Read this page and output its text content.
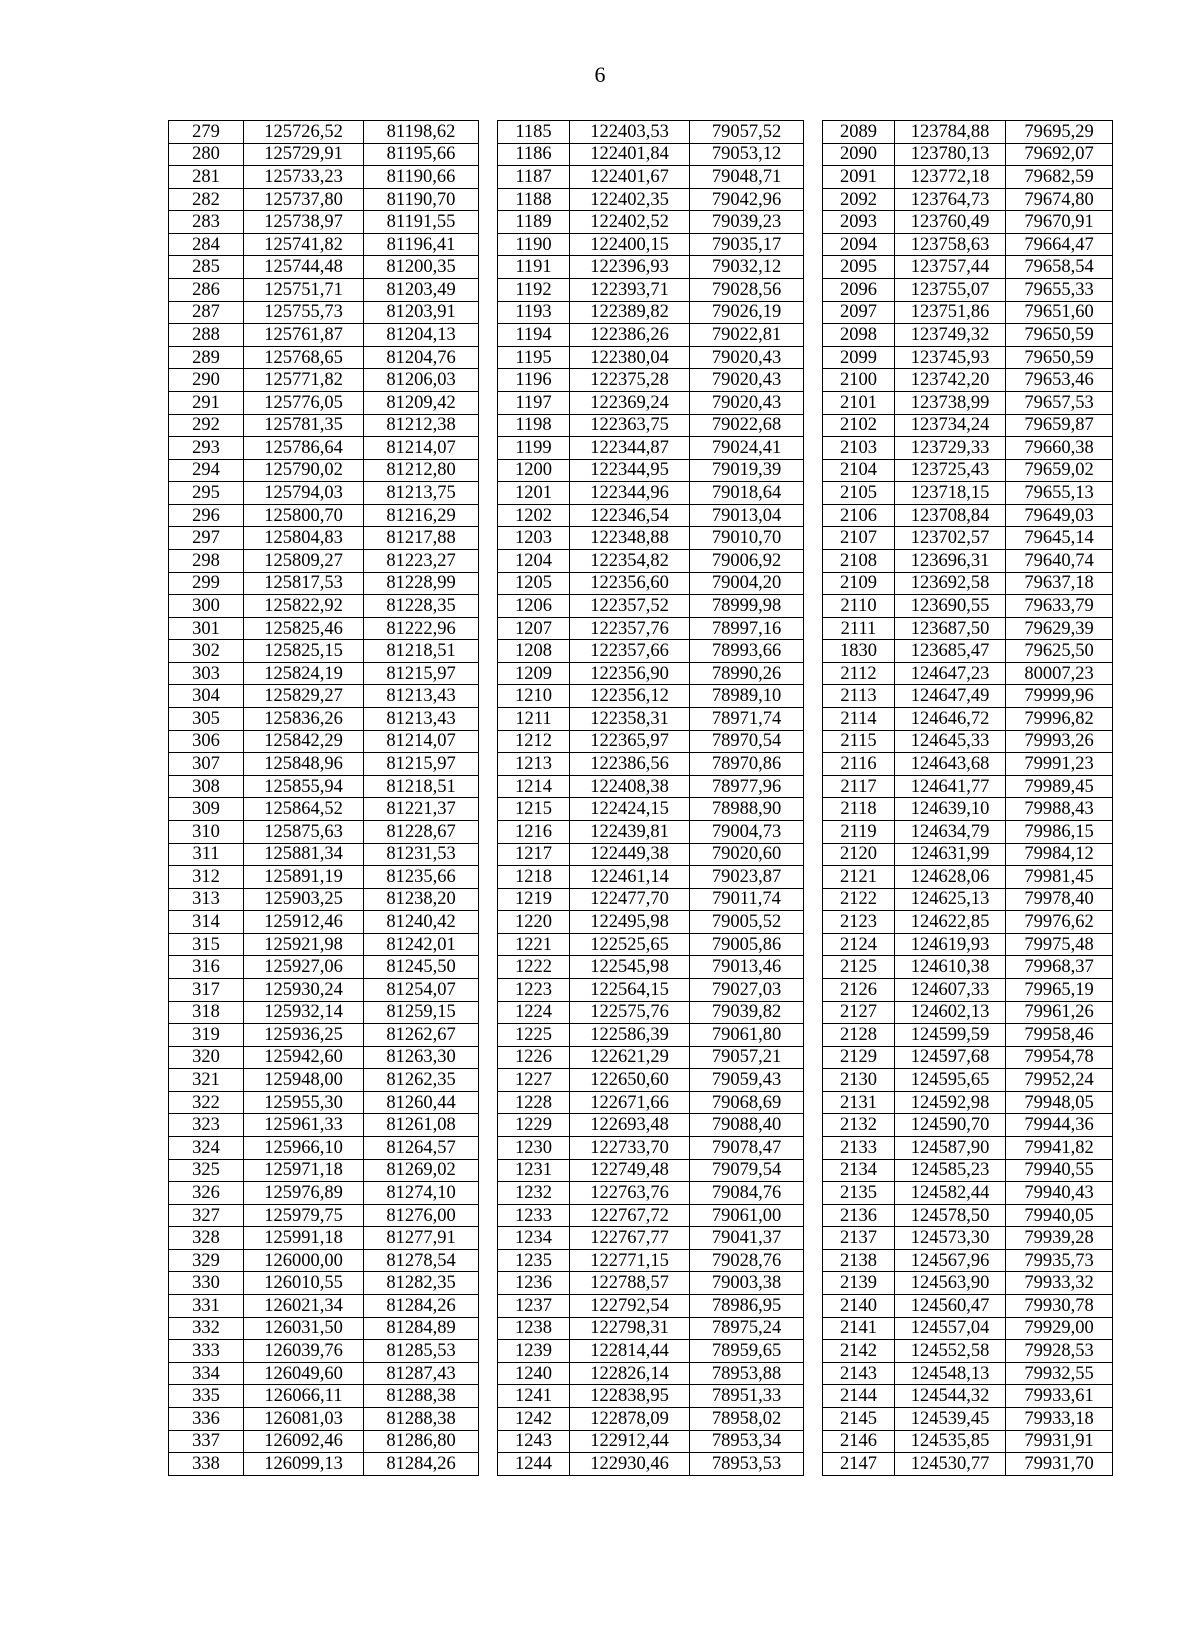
6
279	125726,52	81198,62
280	125729,91	81195,66
281	125733,23	81190,66
282	125737,80	81190,70
283	125738,97	81191,55
284	125741,82	81196,41
285	125744,48	81200,35
286	125751,71	81203,49
287	125755,73	81203,91
288	125761,87	81204,13
289	125768,65	81204,76
290	125771,82	81206,03
291	125776,05	81209,42
292	125781,35	81212,38
293	125786,64	81214,07
294	125790,02	81212,80
295	125794,03	81213,75
296	125800,70	81216,29
297	125804,83	81217,88
298	125809,27	81223,27
299	125817,53	81228,99
300	125822,92	81228,35
301	125825,46	81222,96
302	125825,15	81218,51
303	125824,19	81215,97
304	125829,27	81213,43
305	125836,26	81213,43
306	125842,29	81214,07
307	125848,96	81215,97
308	125855,94	81218,51
309	125864,52	81221,37
310	125875,63	81228,67
311	125881,34	81231,53
312	125891,19	81235,66
313	125903,25	81238,20
314	125912,46	81240,42
315	125921,98	81242,01
316	125927,06	81245,50
317	125930,24	81254,07
318	125932,14	81259,15
319	125936,25	81262,67
320	125942,60	81263,30
321	125948,00	81262,35
322	125955,30	81260,44
323	125961,33	81261,08
324	125966,10	81264,57
325	125971,18	81269,02
326	125976,89	81274,10
327	125979,75	81276,00
328	125991,18	81277,91
329	126000,00	81278,54
330	126010,55	81282,35
331	126021,34	81284,26
332	126031,50	81284,89
333	126039,76	81285,53
334	126049,60	81287,43
335	126066,11	81288,38
336	126081,03	81288,38
337	126092,46	81286,80
338	126099,13	81284,26
1185	122403,53	79057,52
1186	122401,84	79053,12
1187	122401,67	79048,71
1188	122402,35	79042,96
1189	122402,52	79039,23
1190	122400,15	79035,17
1191	122396,93	79032,12
1192	122393,71	79028,56
1193	122389,82	79026,19
1194	122386,26	79022,81
1195	122380,04	79020,43
1196	122375,28	79020,43
1197	122369,24	79020,43
1198	122363,75	79022,68
1199	122344,87	79024,41
1200	122344,95	79019,39
1201	122344,96	79018,64
1202	122346,54	79013,04
1203	122348,88	79010,70
1204	122354,82	79006,92
1205	122356,60	79004,20
1206	122357,52	78999,98
1207	122357,76	78997,16
1208	122357,66	78993,66
1209	122356,90	78990,26
1210	122356,12	78989,10
1211	122358,31	78971,74
1212	122365,97	78970,54
1213	122386,56	78970,86
1214	122408,38	78977,96
1215	122424,15	78988,90
1216	122439,81	79004,73
1217	122449,38	79020,60
1218	122461,14	79023,87
1219	122477,70	79011,74
1220	122495,98	79005,52
1221	122525,65	79005,86
1222	122545,98	79013,46
1223	122564,15	79027,03
1224	122575,76	79039,82
1225	122586,39	79061,80
1226	122621,29	79057,21
1227	122650,60	79059,43
1228	122671,66	79068,69
1229	122693,48	79088,40
1230	122733,70	79078,47
1231	122749,48	79079,54
1232	122763,76	79084,76
1233	122767,72	79061,00
1234	122767,77	79041,37
1235	122771,15	79028,76
1236	122788,57	79003,38
1237	122792,54	78986,95
1238	122798,31	78975,24
1239	122814,44	78959,65
1240	122826,14	78953,88
1241	122838,95	78951,33
1242	122878,09	78958,02
1243	122912,44	78953,34
1244	122930,46	78953,53
2089	123784,88	79695,29
2090	123780,13	79692,07
2091	123772,18	79682,59
2092	123764,73	79674,80
2093	123760,49	79670,91
2094	123758,63	79664,47
2095	123757,44	79658,54
2096	123755,07	79655,33
2097	123751,86	79651,60
2098	123749,32	79650,59
2099	123745,93	79650,59
2100	123742,20	79653,46
2101	123738,99	79657,53
2102	123734,24	79659,87
2103	123729,33	79660,38
2104	123725,43	79659,02
2105	123718,15	79655,13
2106	123708,84	79649,03
2107	123702,57	79645,14
2108	123696,31	79640,74
2109	123692,58	79637,18
2110	123690,55	79633,79
2111	123687,50	79629,39
1830	123685,47	79625,50
2112	124647,23	80007,23
2113	124647,49	79999,96
2114	124646,72	79996,82
2115	124645,33	79993,26
2116	124643,68	79991,23
2117	124641,77	79989,45
2118	124639,10	79988,43
2119	124634,79	79986,15
2120	124631,99	79984,12
2121	124628,06	79981,45
2122	124625,13	79978,40
2123	124622,85	79976,62
2124	124619,93	79975,48
2125	124610,38	79968,37
2126	124607,33	79965,19
2127	124602,13	79961,26
2128	124599,59	79958,46
2129	124597,68	79954,78
2130	124595,65	79952,24
2131	124592,98	79948,05
2132	124590,70	79944,36
2133	124587,90	79941,82
2134	124585,23	79940,55
2135	124582,44	79940,43
2136	124578,50	79940,05
2137	124573,30	79939,28
2138	124567,96	79935,73
2139	124563,90	79933,32
2140	124560,47	79930,78
2141	124557,04	79929,00
2142	124552,58	79928,53
2143	124548,13	79932,55
2144	124544,32	79933,61
2145	124539,45	79933,18
2146	124535,85	79931,91
2147	124530,77	79931,70
